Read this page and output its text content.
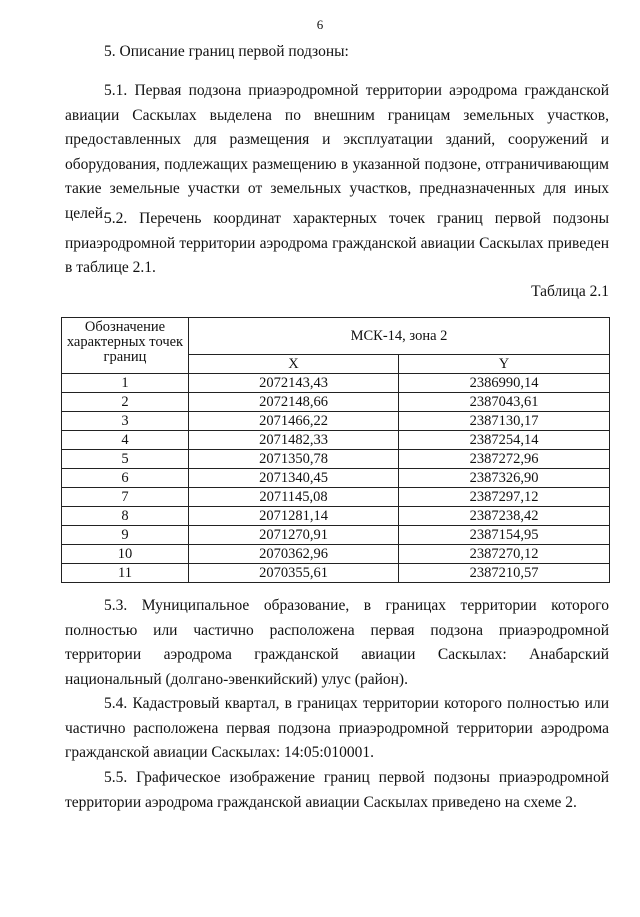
6
5. Описание границ первой подзоны:
5.1. Первая подзона приаэродромной территории аэродрома гражданской авиации Саскылах выделена по внешним границам земельных участков, предоставленных для размещения и эксплуатации зданий, сооружений и оборудования, подлежащих размещению в указанной подзоне, отграничивающим такие земельные участки от земельных участков, предназначенных для иных целей.
5.2. Перечень координат характерных точек границ первой подзоны приаэродромной территории аэродрома гражданской авиации Саскылах приведен в таблице 2.1.
Таблица 2.1
Обозначение характерных точек границ	МСК-14, зона 2	
	X	Y
1	2072143,43	2386990,14
2	2072148,66	2387043,61
3	2071466,22	2387130,17
4	2071482,33	2387254,14
5	2071350,78	2387272,96
6	2071340,45	2387326,90
7	2071145,08	2387297,12
8	2071281,14	2387238,42
9	2071270,91	2387154,95
10	2070362,96	2387270,12
11	2070355,61	2387210,57
5.3. Муниципальное образование, в границах территории которого полностью или частично расположена первая подзона приаэродромной территории аэродрома гражданской авиации Саскылах: Анабарский национальный (долгано-эвенкийский) улус (район).
5.4. Кадастровый квартал, в границах территории которого полностью или частично расположена первая подзона приаэродромной территории аэродрома гражданской авиации Саскылах: 14:05:010001.
5.5. Графическое изображение границ первой подзоны приаэродромной территории аэродрома гражданской авиации Саскылах приведено на схеме 2.
